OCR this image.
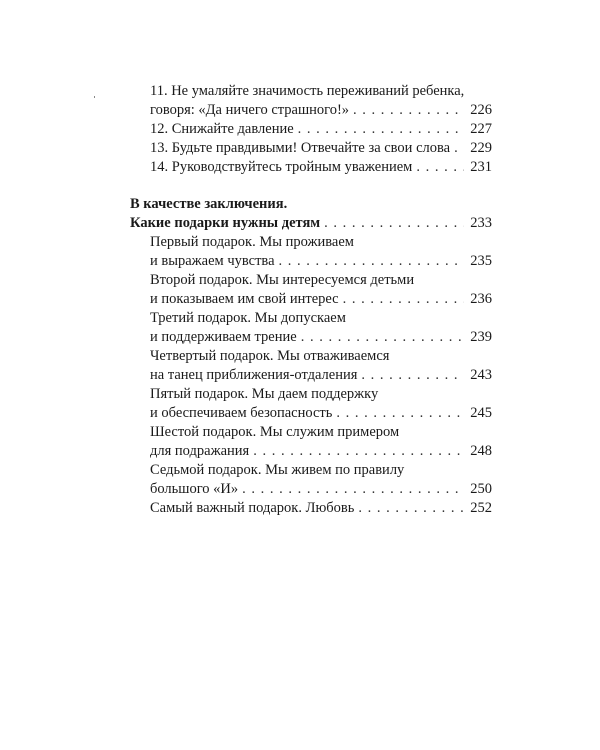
11. Не умаляйте значимость переживаний ребенка,
говоря: «Да ничего страшного!» . . .	226
12. Снижайте давление . . .	227
13. Будьте правдивыми! Отвечайте за свои слова . . . 229
14. Руководствуйтесь тройным уважением . . .	231
В качестве заключения.
Какие подарки нужны детям . . .	233
Первый подарок. Мы проживаем
и выражаем чувства . . .	235
Второй подарок. Мы интересуемся детьми
и показываем им свой интерес . . .	236
Третий подарок. Мы допускаем
и поддерживаем трение . . .	239
Четвертый подарок. Мы отваживаемся
на танец приближения-отдаления . . .	243
Пятый подарок. Мы даем поддержку
и обеспечиваем безопасность . . .	245
Шестой подарок. Мы служим примером
для подражания . . .	248
Седьмой подарок. Мы живем по правилу
большого «И» . . .	250
Самый важный подарок. Любовь . . .	252
